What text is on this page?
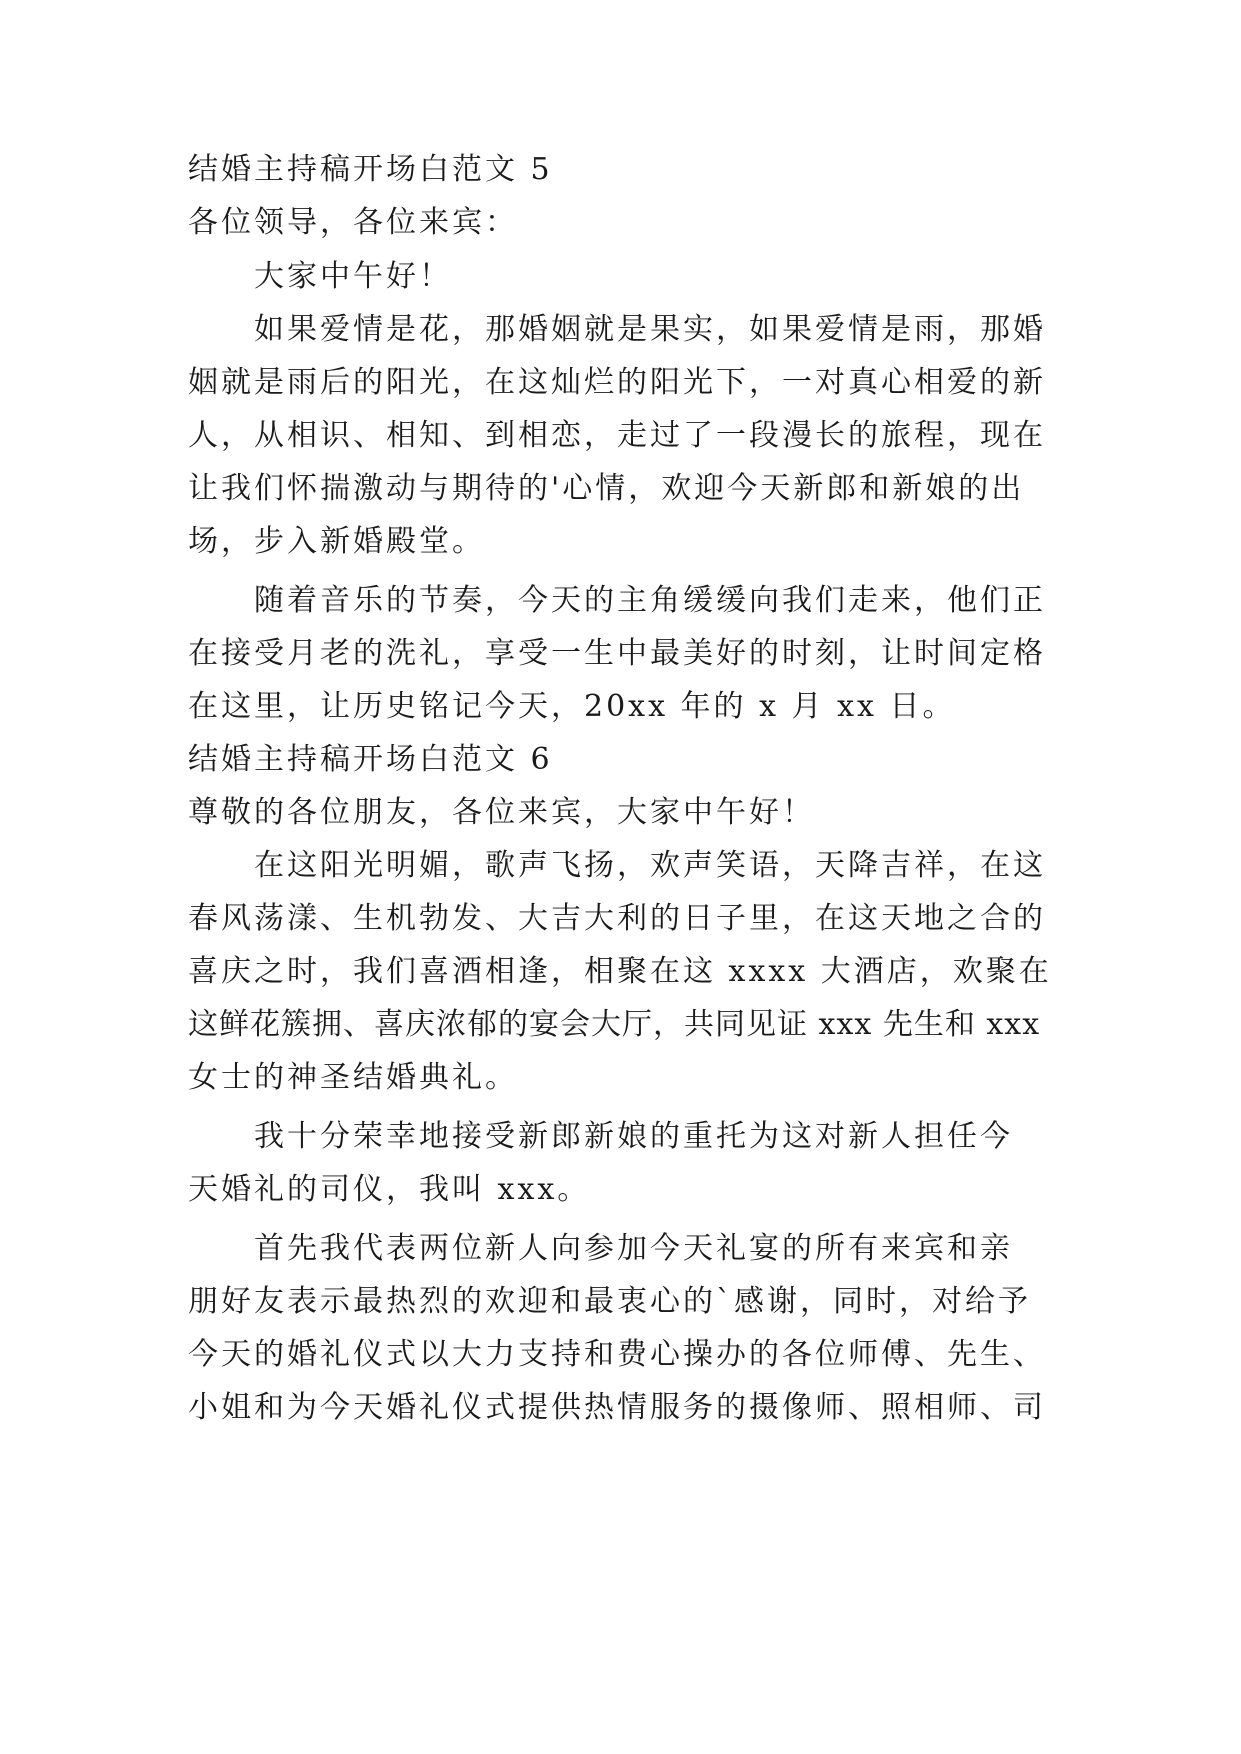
结婚主持稿开场白范文 5
各位领导，各位来宾：
大家中午好！
如果爱情是花，那婚姻就是果实，如果爱情是雨，那婚
姻就是雨后的阳光，在这灿烂的阳光下，一对真心相爱的新
人，从相识、相知、到相恋，走过了一段漫长的旅程，现在
让我们怀揣激动与期待的'心情，欢迎今天新郎和新娘的出
场，步入新婚殿堂。
随着音乐的节奏，今天的主角缓缓向我们走来，他们正
在接受月老的洗礼，享受一生中最美好的时刻，让时间定格
在这里，让历史铭记今天，20xx 年的 x 月 xx 日。
结婚主持稿开场白范文 6
尊敬的各位朋友，各位来宾，大家中午好！
在这阳光明媚，歌声飞扬，欢声笑语，天降吉祥，在这
春风荡漾、生机勃发、大吉大利的日子里，在这天地之合的
喜庆之时，我们喜酒相逢，相聚在这 xxxx 大酒店，欢聚在
这鲜花簇拥、喜庆浓郁的宴会大厅，共同见证 xxx 先生和 xxx
女士的神圣结婚典礼。
我十分荣幸地接受新郎新娘的重托为这对新人担任今
天婚礼的司仪，我叫 xxx。
首先我代表两位新人向参加今天礼宴的所有来宾和亲
朋好友表示最热烈的欢迎和最衷心的`感谢，同时，对给予
今天的婚礼仪式以大力支持和费心操办的各位师傅、先生、
小姐和为今天婚礼仪式提供热情服务的摄像师、照相师、司
